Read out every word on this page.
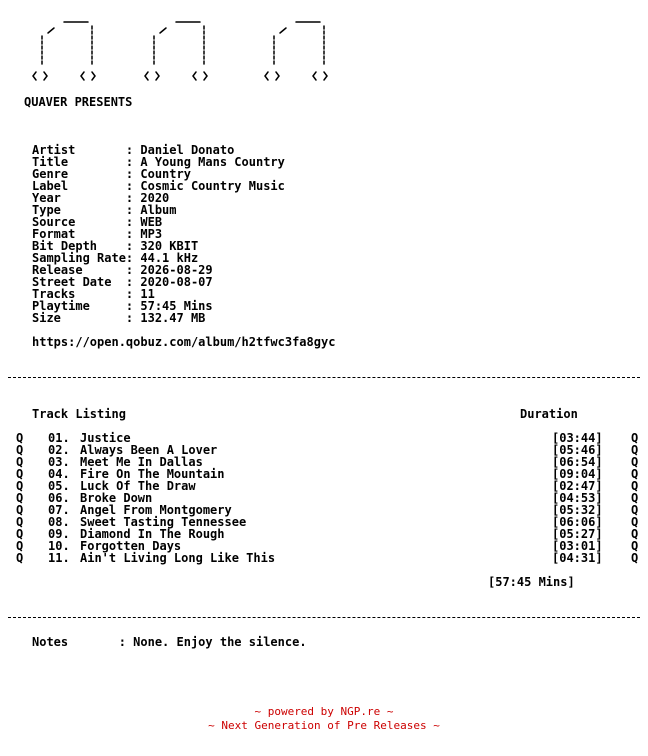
QUAVER PRESENTS
Artist       : Daniel Donato
Title        : A Young Mans Country
Genre        : Country
Label        : Cosmic Country Music
Year         : 2020
Type         : Album
Source       : WEB
Format       : MP3
Bit Depth    : 320 KBIT
Sampling Rate: 44.1 kHz
Release      : 2026-08-29
Street Date  : 2020-08-07
Tracks       : 11
Playtime     : 57:45 Mins
Size         : 132.47 MB
https://open.qobuz.com/album/h2tfwc3fa8gyc
Track Listing	Duration
Q 01. Justice	[03:44] Q
Q 02. Always Been A Lover	[05:46] Q
Q 03. Meet Me In Dallas	[06:54] Q
Q 04. Fire On The Mountain	[09:04] Q
Q 05. Luck Of The Draw	[02:47] Q
Q 06. Broke Down	[04:53] Q
Q 07. Angel From Montgomery	[05:32] Q
Q 08. Sweet Tasting Tennessee	[06:06] Q
Q 09. Diamond In The Rough	[05:27] Q
Q 10. Forgotten Days	[03:01] Q
Q 11. Ain't Living Long Like This	[04:31] Q
[57:45 Mins]
Notes       : None. Enjoy the silence.
~ powered by NGP.re ~
~ Next Generation of Pre Releases ~
